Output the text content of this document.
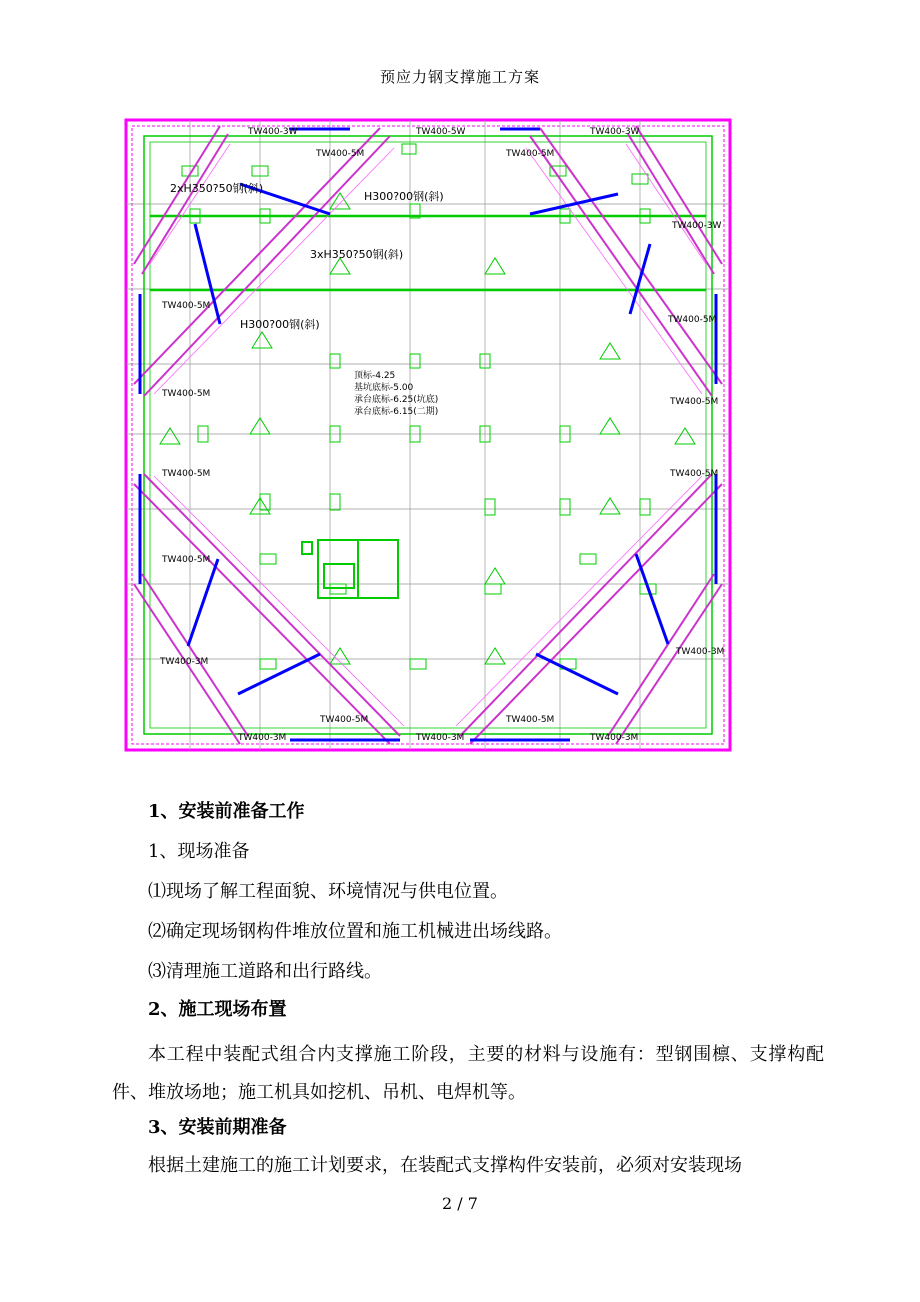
预应力钢支撑施工方案
TW400-3W	TW400-5W	TW400-3W
TW400-5M	TW400-5M
2xH350?50钢(斜)
H300?00钢(斜)
TW400-3W
3xH350?50钢(斜)
TW400-5M
TW400-5M
H300?00钢(斜)
顶标-4.25
基坑底标-5.00
承台底标-6.25(坑底)
承台底标-6.15(二期)
TW400-5M
TW400-5M
TW400-5M	TW400-5M
TW400-5M
TW400-3M
TW400-3M
TW400-5M	TW400-5M
TW400-3M	TW400-3M	TW400-3M
1、安装前准备工作
1、现场准备
⑴现场了解工程面貌、环境情况与供电位置。
⑵确定现场钢构件堆放位置和施工机械进出场线路。
⑶清理施工道路和出行路线。
2、施工现场布置
本工程中装配式组合内支撑施工阶段，主要的材料与设施有：型钢围檩、支撑构配件、堆放场地；施工机具如挖机、吊机、电焊机等。
3、安装前期准备
根据土建施工的施工计划要求，在装配式支撑构件安装前，必须对安装现场
2 / 7
